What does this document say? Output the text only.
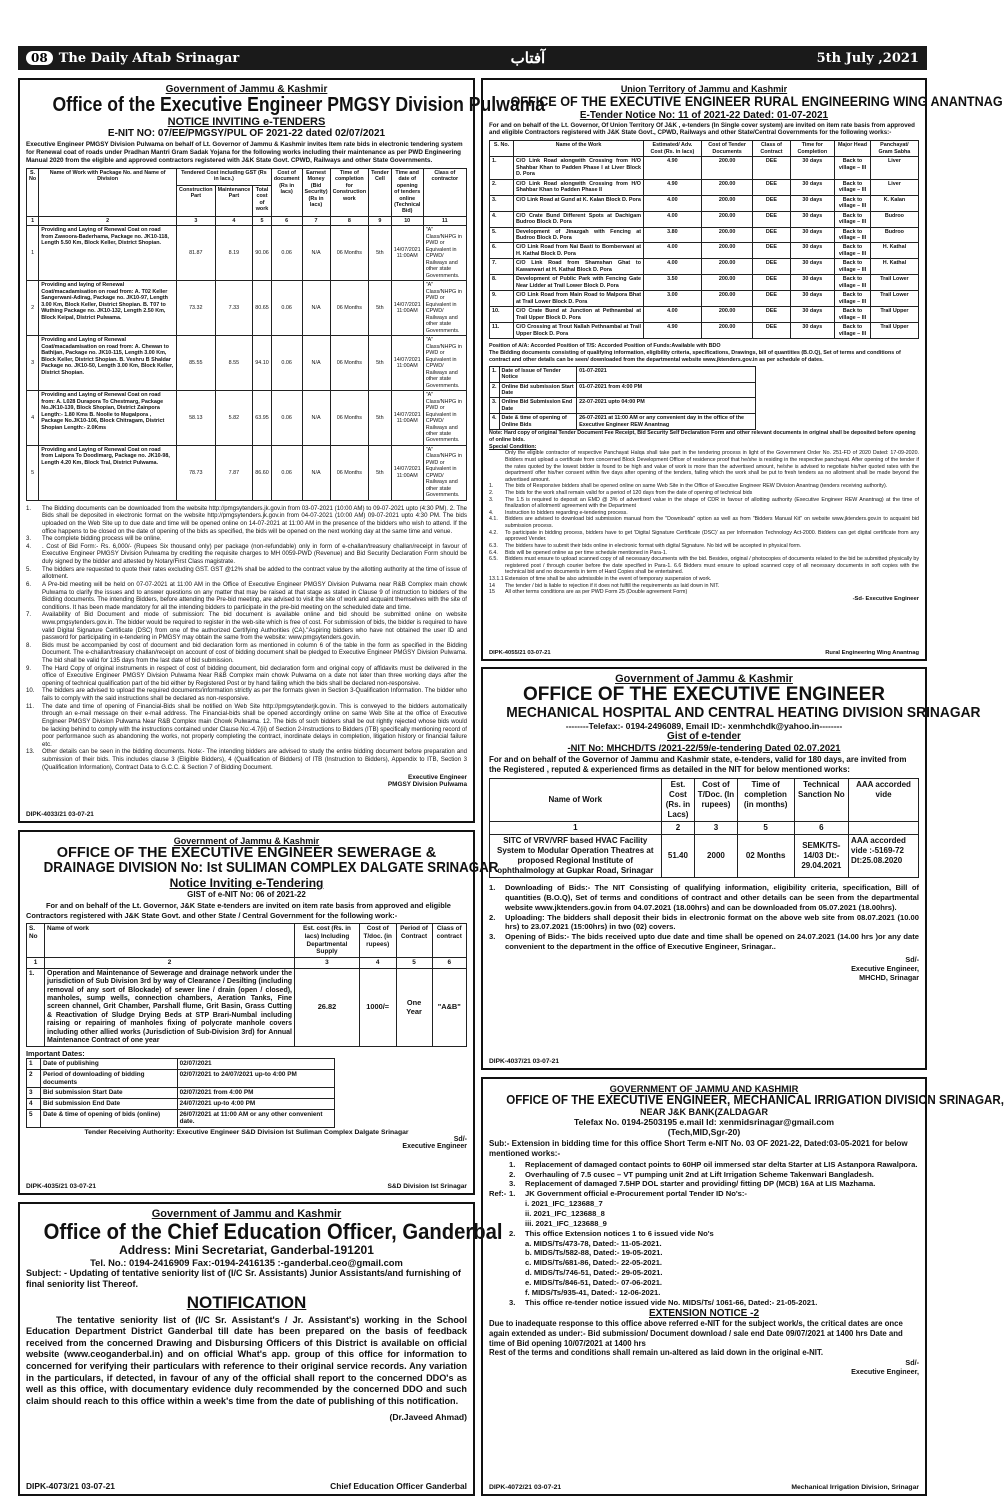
08 The Daily Aftab Srinagar	آفتاب	5th July ,2021
Government of Jammu & Kashmir
Office of the Executive Engineer PMGSY Division Pulwama
NOTICE INVITING e-TENDERS
E-NIT NO: 07/EE/PMGSY/PUL OF 2021-22 dated 02/07/2021
Executive Engineer PMGSY Division Pulwama on behalf of Lt. Governor of Jammu & Kashmir invites Item rate bids in electronic tendering system for Renewal coat of roads under Pradhan Mantri Gram Sadak Yojana for the following works including their maintenance as per PWD Engineering Manual 2020 from the eligible and approved contractors registered with J&K State Govt. CPWD, Railways and other State Governments.
S. No	Name of Work with Package No. and Name of Division	Tendered Cost including GST (Rs in lacs.)			Cost of document (Rs in lacs)	Earnest Money (Bid Security) (Rs in lacs)	Time of completion for Construction work	Tender Cell	Time and date of opening of tenders online (Technical Bid)	Class of contractor
		Construction Part	Maintenance Part	Total cost of work						
1	2	3	4	5	6	7	8	9	10	11
1	Providing and Laying of Renewal Coat on road from Zawoora-Baderhama, Package no. JK10-118, Length 5.50 Km, Block Keller, District Shopian.	81.87	8.19	90.06	0.06	N/A	06 Months	5th	14/07/2021 11:00AM	"A" Class/NHPG in PWD or Equivalent in CPWD/ Railways and other state Governments.
2	Providing and laying of Renewal Coat/macadamisation on road from: A. T02 Keller Sangerwani-Adirag, Package no. JK10-97, Length 3.00 Km, Block Keller, District Shopian. B. T07 to Wuthing Package no. JK10-132, Length 2.50 Km, Block Keipal, District Pulwama.	73.32	7.33	80.65	0.06	N/A	06 Months	5th	14/07/2021 11:00AM	"A" Class/NHPG in PWD or Equivalent in CPWD/ Railways and other state Governments.
3	Providing and Laying of Renewal Coat/macadamisation on road from: A. Chewan to Bathijan, Package no. JK10-115, Length 3.00 Km, Block Keller, District Shopian. B. Veshru B Shaldar Package no. JK10-50, Length 3.00 Km, Block Keller, District Shopian.	85.55	8.55	94.10	0.06	N/A	06 Months	5th	14/07/2021 11:00AM	"A" Class/NHPG in PWD or Equivalent in CPWD/ Railways and other state Governments.
4	Providing and Laying of Renewal Coat on road from: A. L028 Durapora To Chestmarg, Package No.JK10-139, Block Shopian, District Zainpora Length:- 1.80 Kms B. Noolie to Mugalpora , Package No.JK10-106, Block Chitragam, District Shopian Length:- 2.0Kms	58.13	5.82	63.95	0.06	N/A	06 Months	5th	14/07/2021 11:00AM	"A" Class/NHPG in PWD or Equivalent in CPWD/ Railways and other state Governments.
5	Providing and Laying of Renewal Coat on road from Laipora To Doodimarg, Package no. JK10-98, Length 4.20 Km, Block Tral, District Pulwama.	78.73	7.87	86.60	0.06	N/A	06 Months	5th	14/07/2021 11:00AM	"A" Class/NHPG in PWD or Equivalent in CPWD/ Railways and other state Governments.
1.	The Bidding documents can be downloaded from the website http://pmgsytenders.jk.gov.in from 03-07-2021 (10:00 AM) to 09-07-2021 upto (4:30 PM). 2. The Bids shall be deposited in electronic format on the website http://pmgsytenders.jk.gov.in from 04-07-2021 (10:00 AM) 09-07-2021 upto 4:30 PM. The bids uploaded on the Web Site up to due date and time will be opened online on 14-07-2021 at 11:00 AM in the presence of the bidders who wish to attend. If the office happens to be closed on the date of opening of the bids as specified, the bids will be opened on the next working day at the same time and venue.
3.	The complete bidding process will be online.
4.	. Cost of Bid Form:- Rs. 6,000/- (Rupees Six thousand only) per package (non-refundable) only in form of e-challan/treasury challan/receipt in favour of Executive Engineer PMGSY Division Pulwama by crediting the requisite charges to MH 0059-PWD (Revenue) and Bid Security Declaration Form should be duly signed by the bidder and attested by Notary/First Class magistrate.
5.	The bidders are requested to quote their rates excluding GST. GST @12% shall be added to the contract value by the allotting authority at the time of issue of allotment.
6.	A Pre-bid meeting will be held on 07-07-2021 at 11:00 AM in the Office of Executive Engineer PMGSY Division Pulwama near R&B Complex main chowk Pulwama to clarify the issues and to answer questions on any matter that may be raised at that stage as stated in Clause 9 of instruction to bidders of the Bidding documents. The intending Bidders, before attending the Pre-bid meeting, are advised to visit the site of work and acquaint themselves with the site of conditions. It has been made mandatory for all the intending bidders to participate in the pre-bid meeting on the scheduled date and time.
7.	Availability of Bid Document and mode of submission: The bid document is available online and bid should be submitted online on website www.pmgsytenders.gov.in. The bidder would be required to register in the web-site which is free of cost. For submission of bids, the bidder is required to have valid Digital Signature Certificate (DSC) from one of the authorized Certifying Authorities (CA)."Aspiring bidders who have not obtained the user ID and password for participating in e-tendering in PMGSY may obtain the same from the website: www.pmgsytenders.gov.in.
8.	Bids must be accompanied by cost of document and bid declaration form as mentioned in column 6 of the table in the form as specified in the Bidding Document. The e-challan/treasury challan/receipt on account of cost of bidding document shall be pledged to Executive Engineer PMGSY Division Pulwama. The bid shall be valid for 135 days from the last date of bid submission.
9.	The Hard Copy of original instruments in respect of cost of bidding document, bid declaration form and original copy of affidavits must be delivered in the office of Executive Engineer PMGSY Division Pulwama Near R&B Complex main chowk Pulwama on a date not later than three working days after the opening of technical qualification part of the bid either by Registered Post or by hand failing which the bids shall be declared non-responsive.
10.	The bidders are advised to upload the required documents/information strictly as per the formats given in Section 3-Qualification Information. The bidder who fails to comply with the said instructions shall be declared as non-responsive.
11.	The date and time of opening of Financial-Bids shall be notified on Web Site http://pmgsytenderjk.gov.in. This is conveyed to the bidders automatically through an e-mail message on their e-mail address. The Financial-bids shall be opened accordingly online on same Web Site at the office of Executive Engineer PMGSY Division Pulwama Near R&B Complex main Chowk Pulwama. 12. The bids of such bidders shall be out rightly rejected whose bids would be lacking behind to comply with the instructions contained under Clause No:-4.7(ii) of Section 2-Instructions to Bidders (ITB) specifically mentioning record of poor performance such as abandoning the works, not properly completing the contract, inordinate delays in completion, litigation history or financial failure etc.
13.	Other details can be seen in the bidding documents. Note:- The intending bidders are advised to study the entire bidding document before preparation and submission of their bids. This includes clause 3 (Eligible Bidders), 4 (Qualification of Bidders) of ITB (Instruction to Bidders), Appendix to ITB, Section 3 (Qualification Information), Contract Data to G.C.C. & Section 7 of Bidding Document.
Executive Engineer
PMGSY Division Pulwama
DIPK-4033/21 03-07-21
Union Territory of Jammu and Kashmir
OFFICE OF THE EXECUTIVE ENGINEER RURAL ENGINEERING WING ANANTNAG
E-Tender Notice No: 11 of 2021-22 Dated: 01-07-2021
For and on behalf of the Lt. Governor, Of Union Territory Of J&K , e-tenders (In Single cover system) are invited on item rate basis from approved and eligible Contractors registered with J&K State Govt., CPWD, Railways and other State/Central Governments for the following works:-
S. No.	Name of the Work	Estimated/ Adv. Cost (Rs. in lacs)	Cost of Tender Documents	Class of Contract	Time for Completion	Major Head	Panchayat/ Gram Sabha
1.	C/O Link Road alongwith Crossing from H/O Shahbar Khan to Padden Phase I at Liver Block D. Pora	4.90	200.00	DEE	30 days	Back to village – III	Liver
2.	C/O Link Road alongwith Crossing from H/O Shahbar Khan to Padden Phase II	4.90	200.00	DEE	30 days	Back to village – III	Liver
3.	C/O Link Road at Gund at K. Kalan Block D. Pora	4.00	200.00	DEE	30 days	Back to village – III	K. Kalan
4.	C/O Crate Bund Different Spots at Dachigam Budroo Block D. Pora	4.00	200.00	DEE	30 days	Back to village – III	Budroo
5.	Development of Jinazgah with Fencing at Budroo Block D. Pora	3.80	200.00	DEE	30 days	Back to village – III	Budroo
6.	C/O Link Road from Nai Basti to Bomberwani at H. Kathal Block D. Pora	4.00	200.00	DEE	30 days	Back to village – III	H. Kathal
7.	C/O Link Road from Shamshan Ghat to Kawanwari at H. Kathal Block D. Pora	4.00	200.00	DEE	30 days	Back to village – III	H. Kathal
8.	Development of Public Park with Fencing Gate Near Lidder at Trail Lower Block D. Pora	3.50	200.00	DEE	30 days	Back to village – III	Trail Lower
9.	C/O Link Road from Main Road to Malpora Bhat at Trail Lower Block D. Pora	3.00	200.00	DEE	30 days	Back to village – III	Trail Lower
10.	C/O Crate Bund at Junction at Pethnambal at Trail Upper Block D. Pora	4.00	200.00	DEE	30 days	Back to village – III	Trail Upper
11.	C/O Crossing at Trout Nallah Pethnambal at Trail Upper Block D. Pora	4.90	200.00	DEE	30 days	Back to village – III	Trail Upper
Position of A/A: Accorded Position of T/S: Accorded Position of Funds:Available with BDO
The Bidding documents consisting of qualifying information, eligibility criteria, specifications, Drawings, bill of quantities (B.O.Q), Set of terms and conditions of contract and other details can be seen/ downloaded from the departmental website www.jktenders.gov.in as per schedule of dates.
1.	Date of Issue of Tender Notice	01-07-2021
2.	Online Bid submission Start Date	01-07-2021 from 4:00 PM
3.	Online Bid Submission End Date	22-07-2021 upto 04:00 PM
4.	Date & time of opening of Online Bids	26-07-2021 at 11:00 AM or any convenient day in the office of the Executive Engineer REW Anantnag
Note: Hard copy of original Tender Document Fee Receipt, Bid Security Self Declaration Form and other relevant documents in original shall be deposited before opening of online bids.
Special Condition:
Only the eligible contractor of respective Panchayat Halqa shall take part in the tendering process in light of the Government Order No. 251-FD of 2020 Dated: 17-09-2020. Bidders must upload a certificate from concerned Block Development Officer of residence proof that he/she is residing in the respective panchayat. After opening of the tender if the rates quoted by the lowest bidder is found to be high and value of work is more than the advertised amount, he/she is advised to negotiate his/her quoted rates with the department/ offer his/her consent within five days after opening of the tenders, failing which the work shall be put to fresh tenders as no allotment shall be made beyond the advertised amount.
1.	The bids of Responsive bidders shall be opened online on same Web Site in the Office of Executive Engineer REW Division Anantnag (tenders receiving authority).
2.	The bids for the work shall remain valid for a period of 120 days from the date of opening of technical bids
3.	The 1.5 is required to deposit an EMD @ 3% of advertised value in the shape of CDR in favour of allotting authority (Executive Engineer REW Anantnag) at the time of finalization of allotment/ agreement with the Department
4.	Instruction to bidders regarding e-tendering process.
4.1.	Bidders are advised to download bid submission manual from the "Downloads" option as well as from "Bidders Manual Kit" on website www.jktenders.gov.in to acquaint bid submission process.
4.2.	To participate in bidding process, bidders have to get 'Digital Signature Certificate (DSC)' as per Information Technology Act-2000. Bidders can get digital certificate from any approved Vender.
6.3.	The bidders have to submit their bids online in electronic format with digital Signature. No bid will be accepted in physical form.
6.4.	Bids will be opened online as per time schedule mentioned in Para-1.
6.5.	Bidders must ensure to upload scanned copy of all necessary documents with the bid. Besides, original / photocopies of documents related to the bid be submitted physically by registered post / through courier before the date specified in Para-1. 6.6 Bidders must ensure to upload scanned copy of all necessary documents in soft copies with the technical bid and no documents in term of Hard Copies shall be entertained.
13.1.1 Extension of time shall be also admissible in the event of temporary suspension of work.
14	The tender / bid is liable to rejection if it does not fulfill the requirements as laid down in NIT.
15	All other terms conditions are as per PWD Form 25 (Double agreement Form)
-Sd- Executive Engineer
DIPK-4055/21 03-07-21	Rural Engineering Wing Anantnag
Government of Jammu & Kashmir
OFFICE OF THE EXECUTIVE ENGINEER
MECHANICAL HOSPITAL AND CENTRAL HEATING DIVISION SRINAGAR
--------Telefax:- 0194-2496089, Email ID:- xenmhchdk@yahoo.in--------
Gist of e-tender
-NIT No: MHCHD/TS /2021-22/59/e-tendering Dated 02.07.2021
For and on behalf of the Governor of Jammu and Kashmir state, e-tenders, valid for 180 days, are invited from the Registered , reputed & experienced firms as detailed in the NIT for below mentioned works:
Name of Work	Est. Cost (Rs. in Lacs)	Cost of T/Doc. (In rupees)	Time of completion (in months)	Technical Sanction No	AAA accorded vide
1	2	3	5	6	
SITC of VRV/VRF based HVAC Facility System to Modular Operation Theatres at proposed Regional Institute of ophthalmology at Gupkar Road, Srinagar	51.40	2000	02 Months	SEMK/TS-14/03 Dt:- 29.04.2021	AAA accorded vide :-5169-72 Dt:25.08.2020
1.	Downloading of Bids:- The NIT Consisting of qualifying information, eligibility criteria, specification, Bill of quantities (B.O.Q), Set of terms and conditions of contract and other details can be seen from the departmental website www.jktenders.gov.in from 04.07.2021 (18.00hrs) and can be downloaded from 05.07.2021 (18.00hrs).
2.	Uploading: The bidders shall deposit their bids in electronic format on the above web site from 08.07.2021 (10.00 hrs) to 23.07.2021 (15:00hrs) in two (02) covers.
3.	Opening of Bids:- The bids received upto due date and time shall be opened on 24.07.2021 (14.00 hrs )or any date convenient to the department in the office of Executive Engineer, Srinagar..
Sd/-
Executive Engineer,
MHCHD, Srinagar
DIPK-4037/21 03-07-21
Government of Jammu & Kashmir
OFFICE OF THE EXECUTIVE ENGINEER SEWERAGE &
DRAINAGE DIVISION No: Ist SULIMAN COMPLEX DALGATE SRINAGAR
Notice Inviting e-Tendering
GIST of e-NIT No: 06 of 2021-22
For and on behalf of the Lt. Governor, J&K State e-tenders are invited on item rate basis from approved and eligible Contractors registered with J&K State Govt. and other State / Central Government for the following work:-
S. No	Name of work	Est. cost (Rs. in lacs) Including Departmental Supply	Cost of T/doc. (in rupees)	Period of Contract	Class of contract
1	2	3	4	5	6
1.	Operation and Maintenance of Sewerage and drainage network under the jurisdiction of Sub Division 3rd by way of Clearance / Desilting (including removal of any sort of Blockade) of sewer line / drain (open / closed), manholes, sump wells, connection chambers, Aeration Tanks, Fine screen channel, Grit Chamber, Parshall flume, Grit Basin, Grass Cutting & Reactivation of Sludge Drying Beds at STP Brari-Numbal including raising or repairing of manholes fixing of polycrate manhole covers including other allied works (Jurisdiction of Sub-Division 3rd) for Annual Maintenance Contract of one year	26.82	1000/=	One Year	"A&B"
Important Dates:
1	Date of publishing	02/07/2021
2	Period of downloading of bidding documents	02/07/2021 to 24/07/2021 up-to 4:00 PM
3	Bid submission Start Date	02/07/2021 from 4:00 PM
4	Bid submission End Date	24/07/2021 up-to 4:00 PM
5	Date & time of opening of bids (online)	26/07/2021 at 11:00 AM or any other convenient date.
Tender Receiving Authority: Executive Engineer S&D Division Ist Suliman Complex Dalgate Srinagar
Sd/-
Executive Engineer
DIPK-4035/21 03-07-21	S&D Division Ist Srinagar
Government of Jammu and Kashmir
Office of the Chief Education Officer, Ganderbal
Address: Mini Secretariat, Ganderbal-191201
Tel. No.: 0194-2416909 Fax:-0194-2416135 :-ganderbal.ceo@gmail.com
Subject: - Updating of tentative seniority list of (I/C Sr. Assistants) Junior Assistants/and furnishing of final seniority list Thereof.
NOTIFICATION
The tentative seniority list of (I/C Sr. Assistant's / Jr. Assistant's) working in the School Education Department District Ganderbal till date has been prepared on the basis of feedback received from the concerned Drawing and Disbursing Officers of this District is available on official website (www.ceoganderbal.in) and on official What's app. group of this office for information to concerned for verifying their particulars with reference to their original service records. Any variation in the particulars, if detected, in favour of any of the official shall report to the concerned DDO's as well as this office, with documentary evidence duly recommended by the concerned DDO and such claim should reach to this office within a week's time from the date of publishing of this notification.
(Dr.Javeed Ahmad)
DIPK-4073/21 03-07-21	Chief Education Officer Ganderbal
GOVERNMENT OF JAMMU AND KASHMIR
OFFICE OF THE EXECUTIVE ENGINEER, MECHANICAL IRRIGATION DIVISION SRINAGAR,
NEAR J&K BANK(ZALDAGAR
Telefax No. 0194-2503195 e.mail Id: xenmidsrinagar@gmail.com
(Tech,MID,Sgr-20)
Sub:- Extension in bidding time for this office Short Term e-NIT No. 03 OF 2021-22, Dated:03-05-2021 for below mentioned works:-
1.	Replacement of damaged contact points to 60HP oil immersed star delta Starter at LIS Astanpora Rawalpora.
2.	Overhauling of 7.5 cusec – VT pumping unit 2nd at Lift Irrigation Scheme Takenwari Bangladesh.
3.	Replacement of damaged 7.5HP DOL starter and providing/ fitting DP (MCB) 16A at LIS Mazhama.
Ref:- 1.	JK Government official e-Procurement portal Tender ID No's:-
i. 2021_IFC_123688_7
ii. 2021_IFC_123688_8
iii. 2021_IFC_123688_9
2.	This office Extension notices 1 to 6 issued vide No's
a. MIDS/Ts/473-78, Dated:- 11-05-2021.
b. MIDS/Ts/582-88, Dated:- 19-05-2021.
c. MIDS/Ts/681-86, Dated:- 22-05-2021.
d. MIDS/Ts/746-51, Dated:- 29-05-2021.
e. MIDS/Ts/846-51, Dated:- 07-06-2021.
f. MIDS/Ts/935-41, Dated:- 12-06-2021.
3.	This office re-tender notice issued vide No. MIDS/Ts/ 1061-66, Dated:- 21-05-2021.
EXTENSION NOTICE -2
Due to inadequate response to this office above referred e-NIT for the subject work/s, the critical dates are once again extended as under:- Bid submission/ Document download / sale end Date 09/07/2021 at 1400 hrs Date and time of Bid opening 10/07/2021 at 1400 hrs
Rest of the terms and conditions shall remain un-altered as laid down in the original e-NIT.
Sd/-
Executive Engineer,
DIPK-4072/21 03-07-21	Mechanical Irrigation Division, Srinagar
